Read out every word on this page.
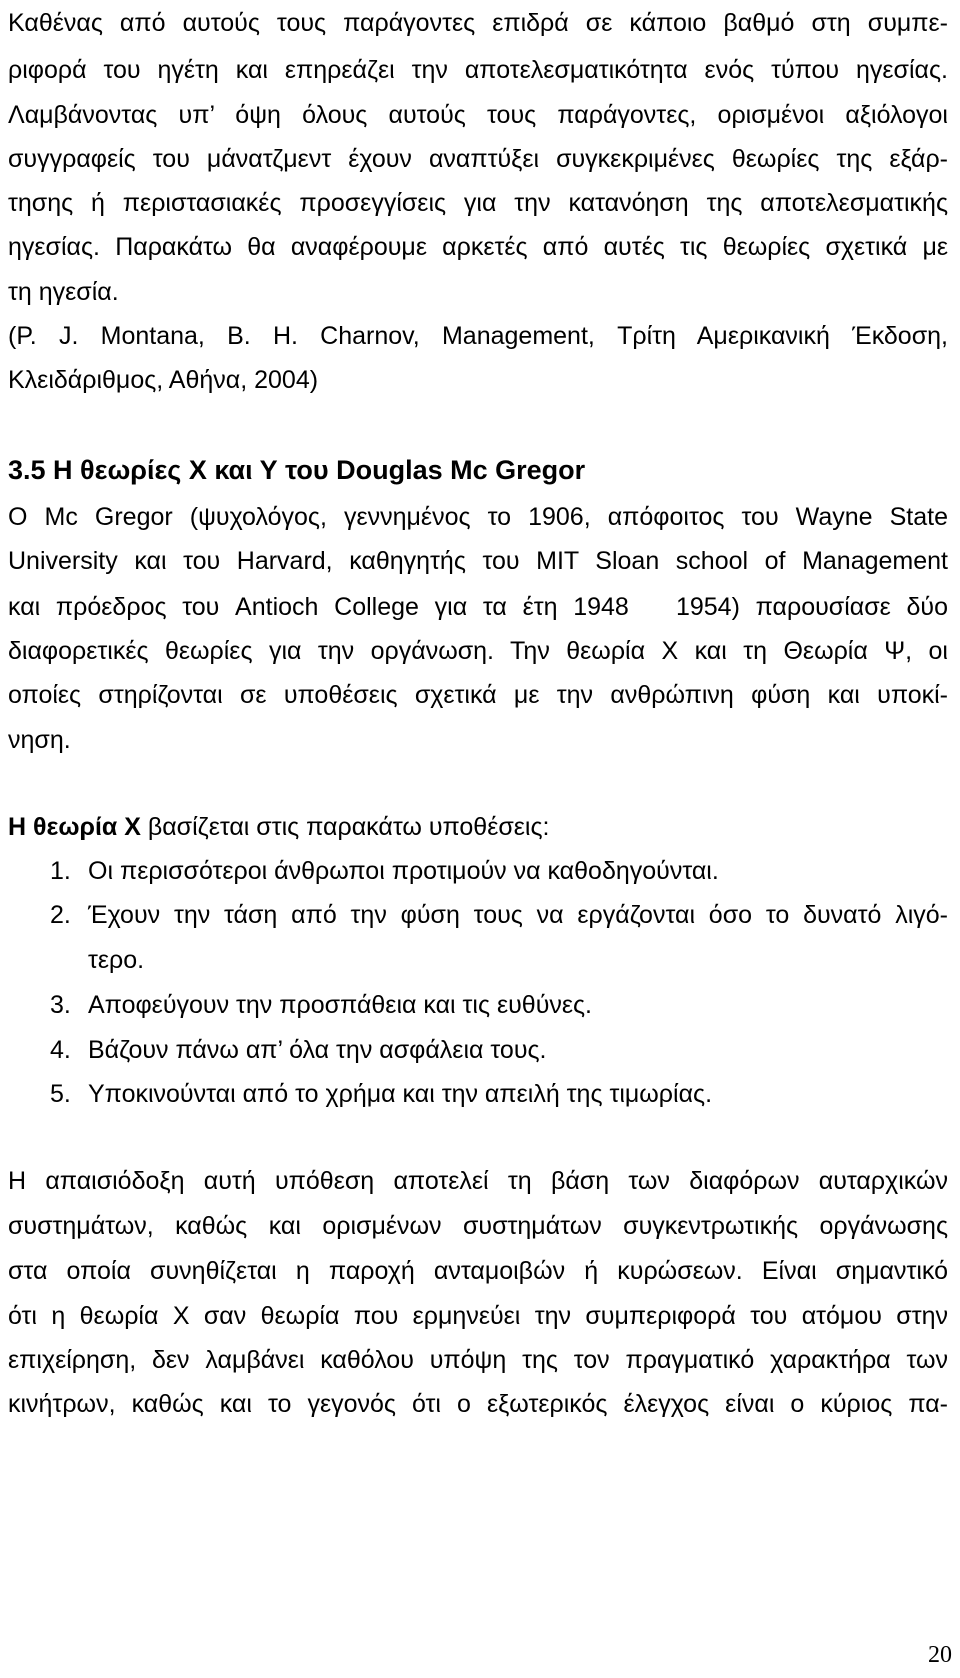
Καθένας από αυτούς τους παράγοντες επιδρά σε κάποιο βαθμό στη συμπε-
ριφορά του ηγέτη και επηρεάζει την αποτελεσματικότητα ενός τύπου ηγεσίας.
Λαμβάνοντας υπ’ όψη όλους αυτούς τους παράγοντες, ορισμένοι αξιόλογοι
συγγραφείς του μάνατζμεντ έχουν αναπτύξει συγκεκριμένες θεωρίες της εξάρ-
τησης ή περιστασιακές προσεγγίσεις για την κατανόηση της αποτελεσματικής
ηγεσίας. Παρακάτω θα αναφέρουμε αρκετές από αυτές τις θεωρίες σχετικά με
τη ηγεσία.
(P. J. Montana, B. H. Charnov, Management, Τρίτη Αμερικανική Έκδοση,
Κλειδάριθμος, Αθήνα, 2004)
3.5 Η θεωρίες Χ και Υ του Douglas Mc Gregor
O Mc Gregor (ψυχολόγος, γεννημένος το 1906, απόφοιτος του Wayne State
University και του Harvard, καθηγητής του MIT Sloan school of Management
και πρόεδρος του Antioch College για τα έτη 1948   1954) παρουσίασε δύο
διαφορετικές θεωρίες για την οργάνωση. Την θεωρία Χ και τη Θεωρία Ψ, οι
οποίες στηρίζονται σε υποθέσεις σχετικά με την ανθρώπινη φύση και υποκί-
νηση.
Η θεωρία Χ βασίζεται στις παρακάτω υποθέσεις:
1. Οι περισσότεροι άνθρωποι προτιμούν να καθοδηγούνται.
2. Έχουν την τάση από την φύση τους να εργάζονται όσο το δυνατό λιγό-
τερο.
3. Αποφεύγουν την προσπάθεια και τις ευθύνες.
4. Βάζουν πάνω απ’ όλα την ασφάλεια τους.
5. Υποκινούνται από το χρήμα και την απειλή της τιμωρίας.
Η απαισιόδοξη αυτή υπόθεση αποτελεί τη βάση των διαφόρων αυταρχικών
συστημάτων, καθώς και ορισμένων συστημάτων συγκεντρωτικής οργάνωσης
στα οποία συνηθίζεται η παροχή ανταμοιβών ή κυρώσεων. Είναι σημαντικό
ότι η θεωρία Χ σαν θεωρία που ερμηνεύει την συμπεριφορά του ατόμου στην
επιχείρηση, δεν λαμβάνει καθόλου υπόψη της τον πραγματικό χαρακτήρα των
κινήτρων, καθώς και το γεγονός ότι ο εξωτερικός έλεγχος είναι ο κύριος πα-
20
